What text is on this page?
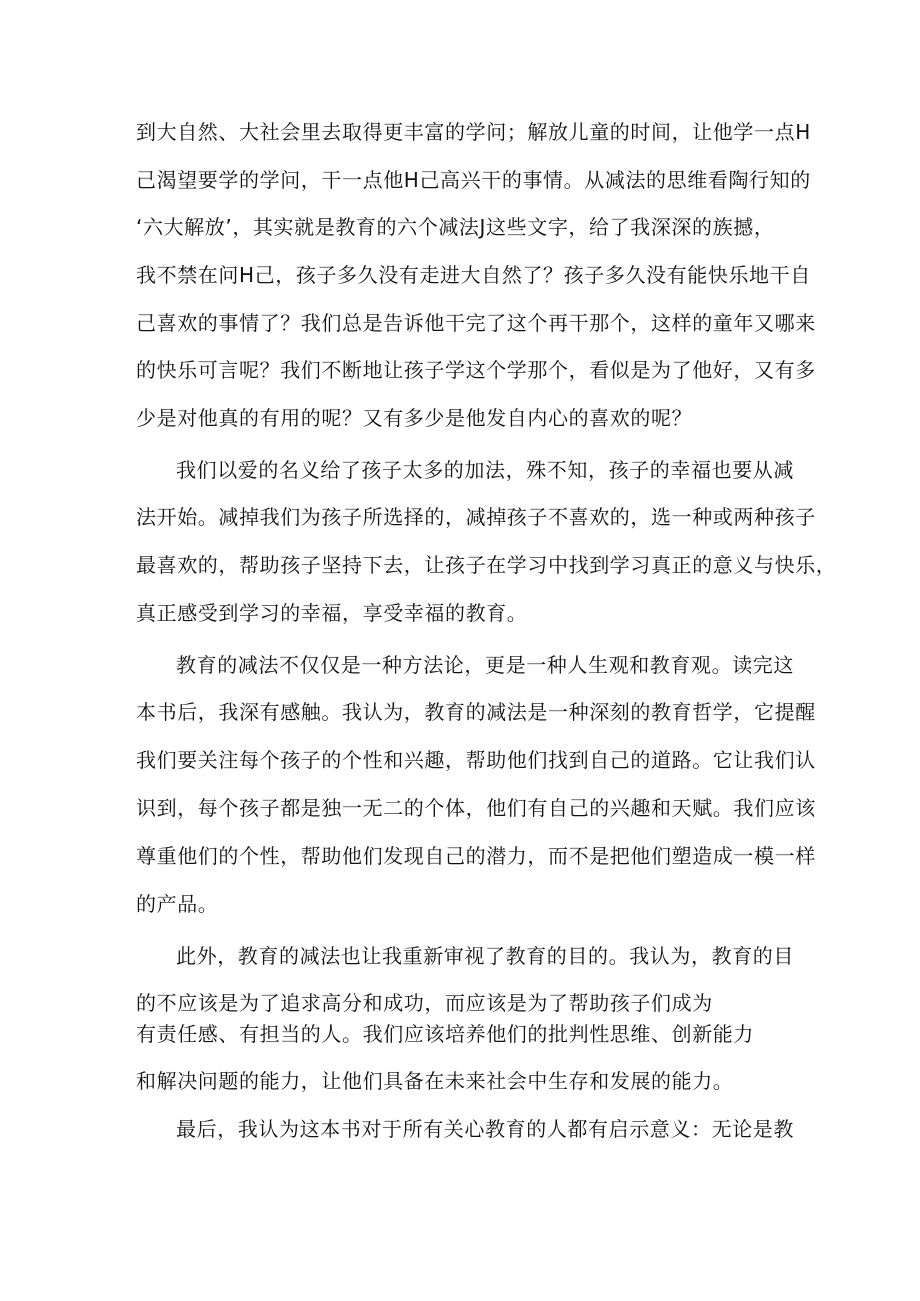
到大自然、大社会里去取得更丰富的学问；解放儿童的时间，让他学一点H
己渴望要学的学问，干一点他H己高兴干的事情。从减法的思维看陶行知的
‘六大解放’，其实就是教育的六个减法J这些文字，给了我深深的族撼，
我不禁在问H己，孩子多久没有走进大自然了？孩子多久没有能快乐地干自
己喜欢的事情了？我们总是告诉他干完了这个再干那个，这样的童年又哪来
的快乐可言呢？我们不断地让孩子学这个学那个，看似是为了他好，又有多
少是对他真的有用的呢？又有多少是他发自内心的喜欢的呢？
我们以爱的名义给了孩子太多的加法，殊不知，孩子的幸福也要从减
法开始。减掉我们为孩子所选择的，减掉孩子不喜欢的，选一种或两种孩子
最喜欢的，帮助孩子坚持下去，让孩子在学习中找到学习真正的意义与快乐，
真正感受到学习的幸福，享受幸福的教育。
教育的减法不仅仅是一种方法论，更是一种人生观和教育观。读完这
本书后，我深有感触。我认为，教育的减法是一种深刻的教育哲学，它提醒
我们要关注每个孩子的个性和兴趣，帮助他们找到自己的道路。它让我们认
识到，每个孩子都是独一无二的个体，他们有自己的兴趣和天赋。我们应该
尊重他们的个性，帮助他们发现自己的潜力，而不是把他们塑造成一模一样
的产品。
此外，教育的减法也让我重新审视了教育的目的。我认为，教育的目
的不应该是为了追求高分和成功，而应该是为了帮助孩子们成为
有责任感、有担当的人。我们应该培养他们的批判性思维、创新能力
和解决问题的能力，让他们具备在未来社会中生存和发展的能力。
最后，我认为这本书对于所有关心教育的人都有启示意义：无论是教
